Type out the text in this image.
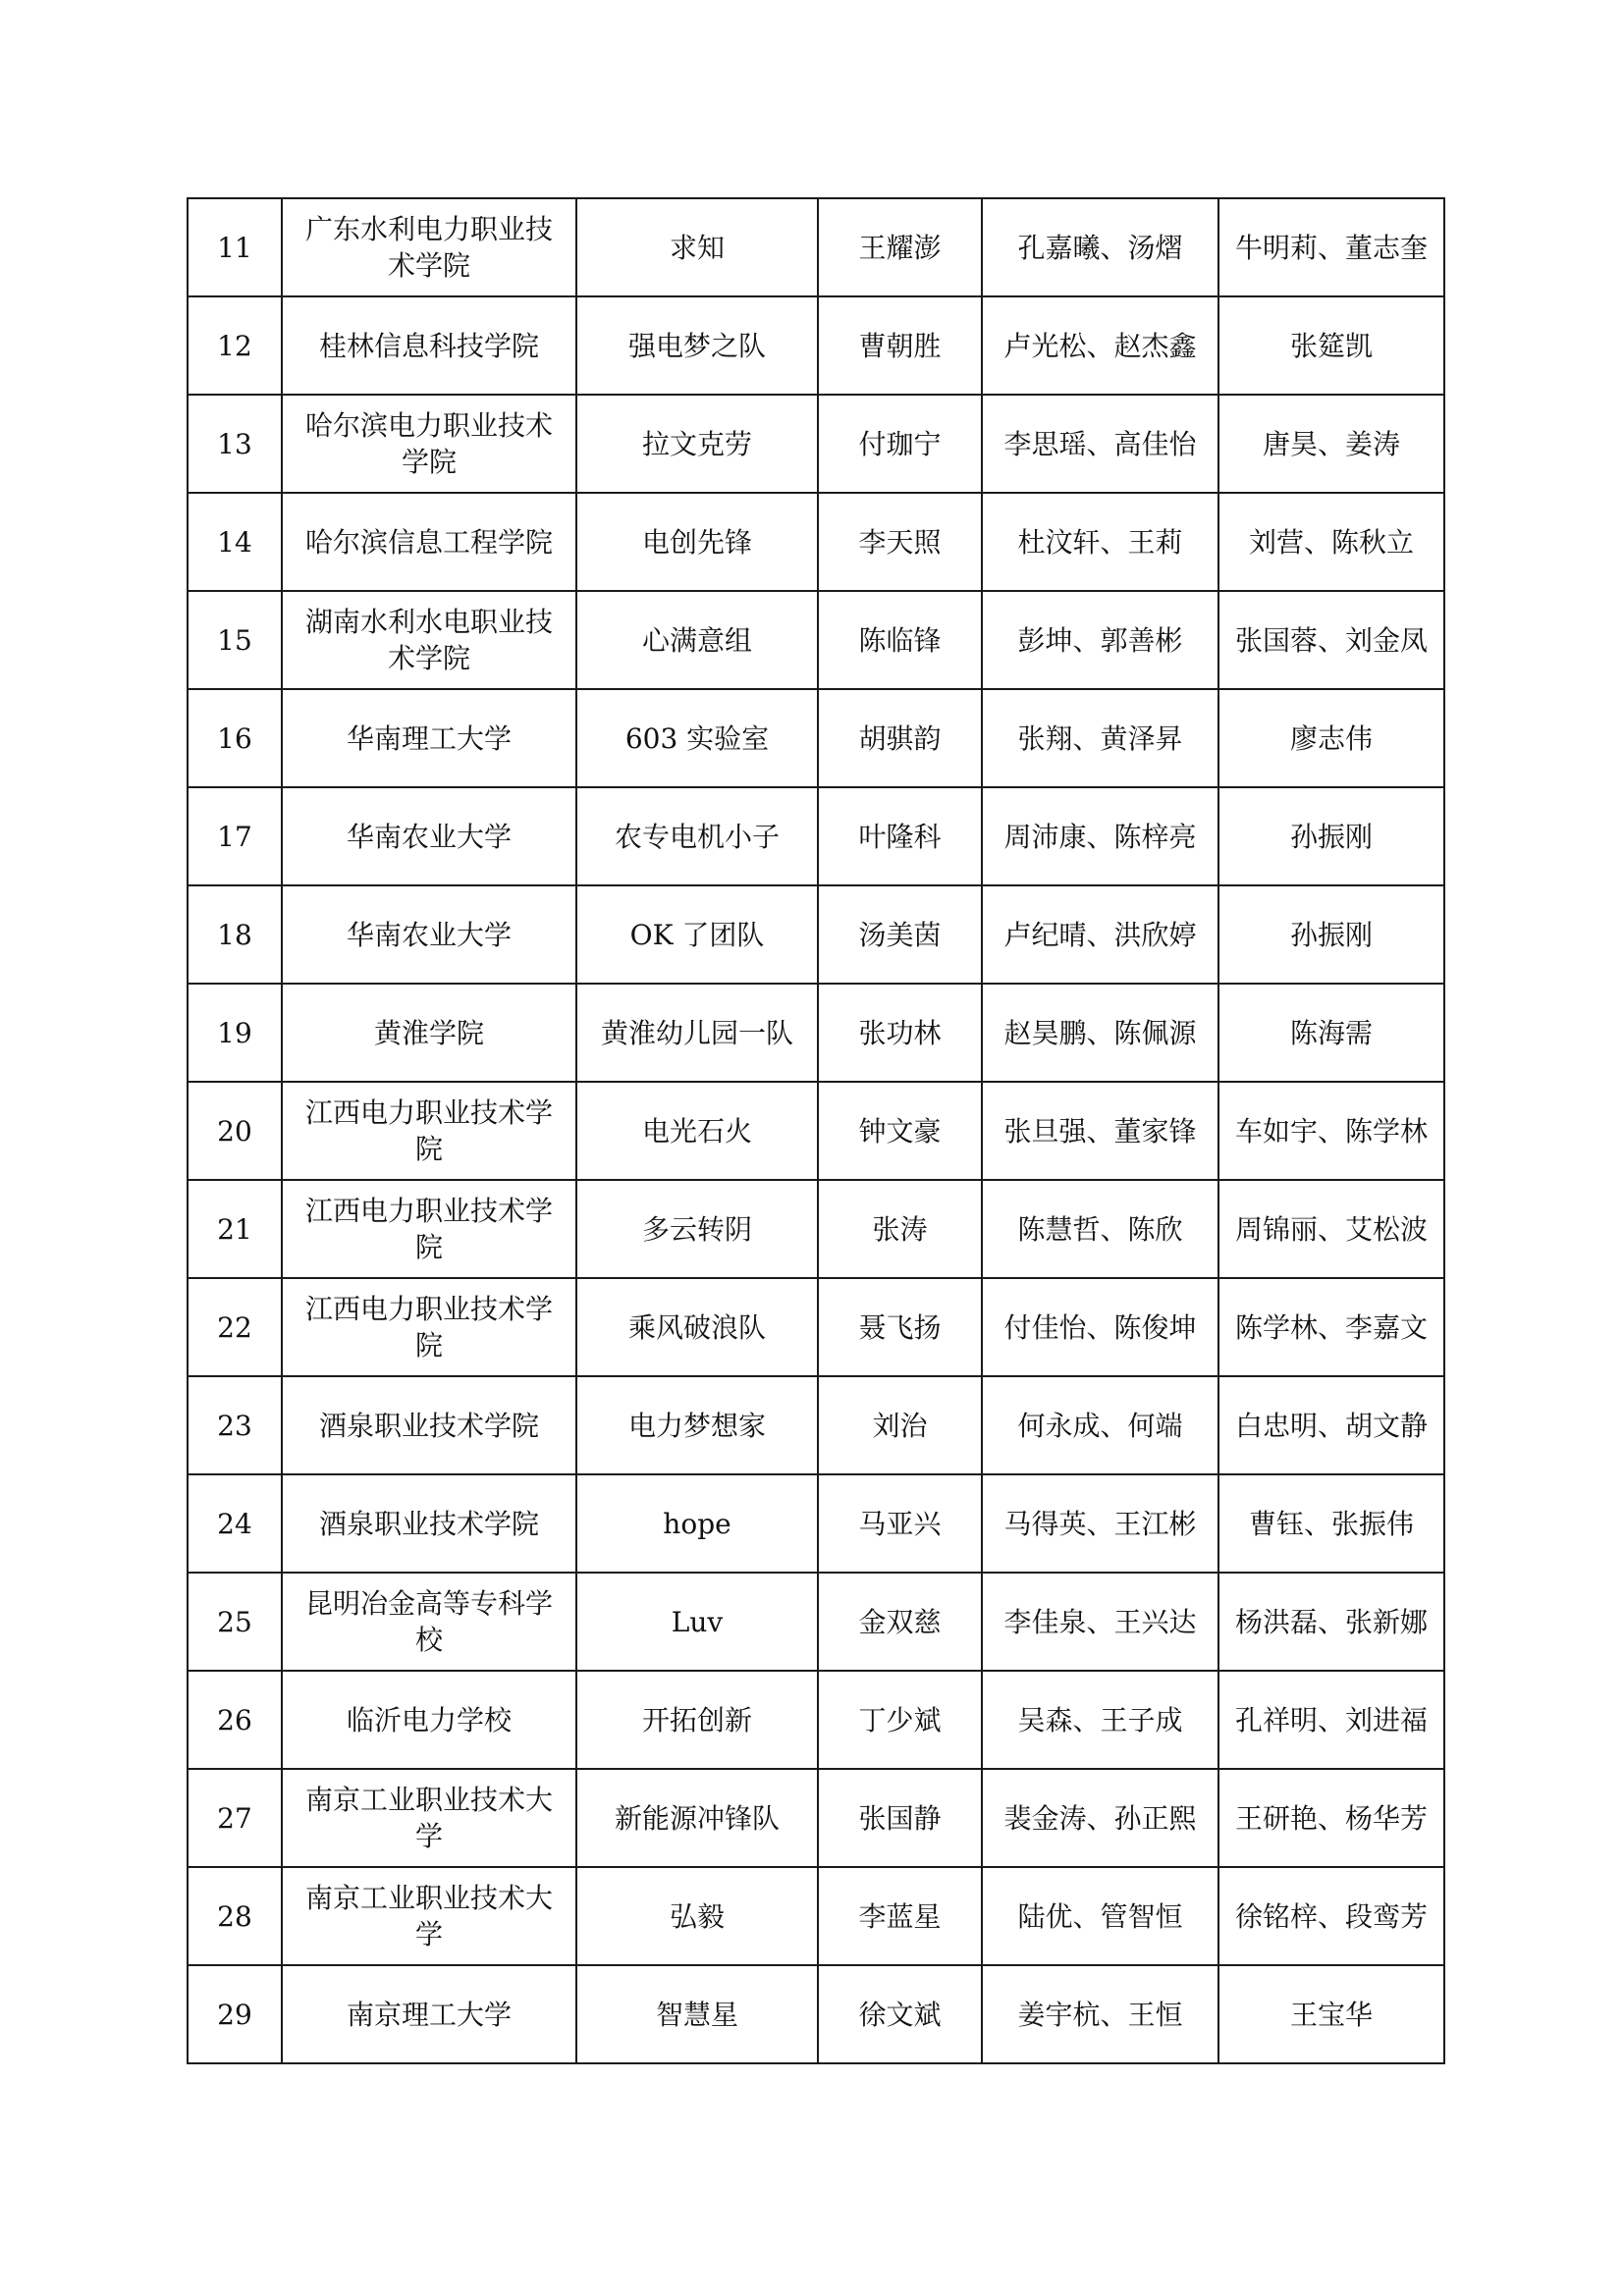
11	广东水利电力职业技术学院	求知	王耀澎	孔嘉曦、汤熠	牛明莉、董志奎
12	桂林信息科技学院	强电梦之队	曹朝胜	卢光松、赵杰鑫	张筵凯
13	哈尔滨电力职业技术学院	拉文克劳	付珈宁	李思瑶、高佳怡	唐昊、姜涛
14	哈尔滨信息工程学院	电创先锋	李天照	杜汶轩、王莉	刘营、陈秋立
15	湖南水利水电职业技术学院	心满意组	陈临锋	彭坤、郭善彬	张国蓉、刘金凤
16	华南理工大学	603 实验室	胡骐韵	张翔、黄泽昇	廖志伟
17	华南农业大学	农专电机小子	叶隆科	周沛康、陈梓亮	孙振刚
18	华南农业大学	OK 了团队	汤美茵	卢纪晴、洪欣婷	孙振刚
19	黄淮学院	黄淮幼儿园一队	张功林	赵昊鹏、陈佩源	陈海需
20	江西电力职业技术学院	电光石火	钟文豪	张旦强、董家锋	车如宇、陈学林
21	江西电力职业技术学院	多云转阴	张涛	陈慧哲、陈欣	周锦丽、艾松波
22	江西电力职业技术学院	乘风破浪队	聂飞扬	付佳怡、陈俊坤	陈学林、李嘉文
23	酒泉职业技术学院	电力梦想家	刘治	何永成、何端	白忠明、胡文静
24	酒泉职业技术学院	hope	马亚兴	马得英、王江彬	曹钰、张振伟
25	昆明冶金高等专科学校	Luv	金双慈	李佳泉、王兴达	杨洪磊、张新娜
26	临沂电力学校	开拓创新	丁少斌	吴森、王子成	孔祥明、刘进福
27	南京工业职业技术大学	新能源冲锋队	张国静	裴金涛、孙正熙	王研艳、杨华芳
28	南京工业职业技术大学	弘毅	李蓝星	陆优、管智恒	徐铭梓、段鸾芳
29	南京理工大学	智慧星	徐文斌	姜宇杭、王恒	王宝华
